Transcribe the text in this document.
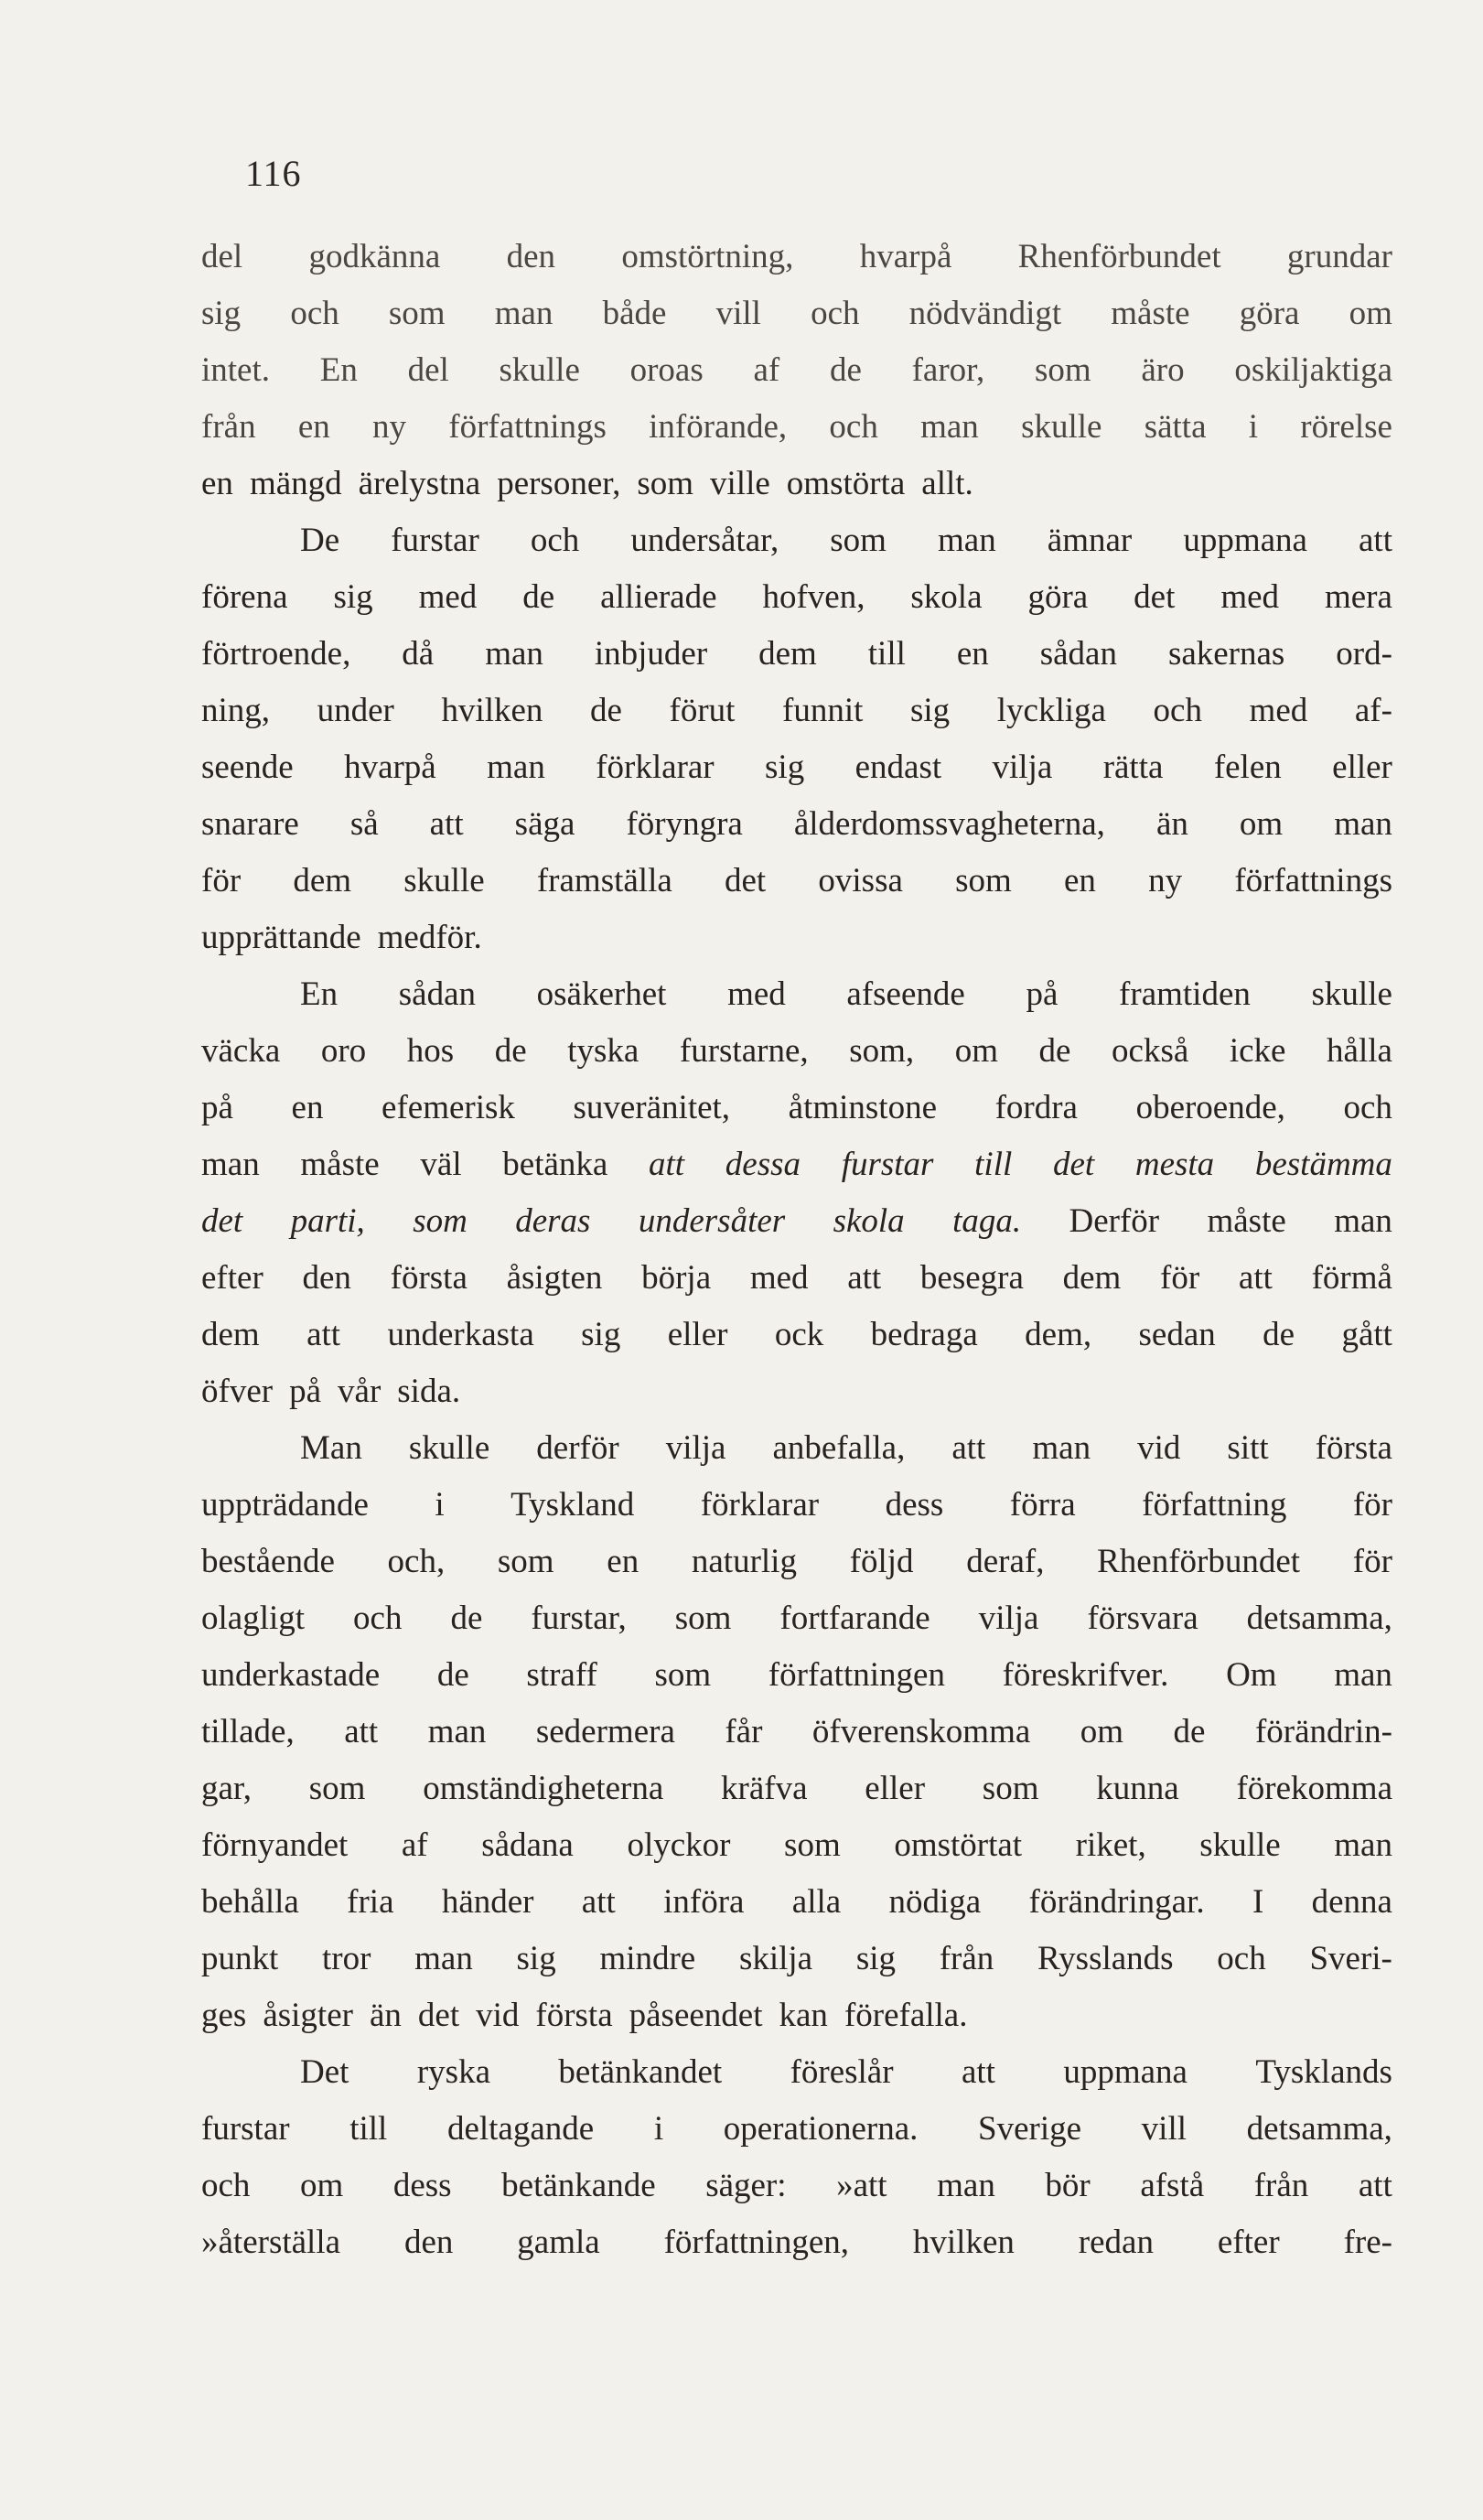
116
del godkänna den omstörtning, hvarpå Rhenförbundet grundar
sig och som man både vill och nödvändigt måste göra om
intet. En del skulle oroas af de faror, som äro oskiljaktiga
från en ny författnings införande, och man skulle sätta i rörelse
en mängd ärelystna personer, som ville omstörta allt.
De furstar och undersåtar, som man ämnar uppmana att
förena sig med de allierade hofven, skola göra det med mera
förtroende, då man inbjuder dem till en sådan sakernas ord-
ning, under hvilken de förut funnit sig lyckliga och med af-
seende hvarpå man förklarar sig endast vilja rätta felen eller
snarare så att säga föryngra ålderdomssvagheterna, än om man
för dem skulle framställa det ovissa som en ny författnings
upprättande medför.
En sådan osäkerhet med afseende på framtiden skulle
väcka oro hos de tyska furstarne, som, om de också icke hålla
på en efemerisk suveränitet, åtminstone fordra oberoende, och
man måste väl betänka att dessa furstar till det mesta bestämma
det parti, som deras undersåter skola taga. Derför måste man
efter den första åsigten börja med att besegra dem för att förmå
dem att underkasta sig eller ock bedraga dem, sedan de gått
öfver på vår sida.
Man skulle derför vilja anbefalla, att man vid sitt första
uppträdande i Tyskland förklarar dess förra författning för
bestående och, som en naturlig följd deraf, Rhenförbundet för
olagligt och de furstar, som fortfarande vilja försvara detsamma,
underkastade de straff som författningen föreskrifver. Om man
tillade, att man sedermera får öfverenskomma om de förändrin-
gar, som omständigheterna kräfva eller som kunna förekomma
förnyandet af sådana olyckor som omstörtat riket, skulle man
behålla fria händer att införa alla nödiga förändringar. I denna
punkt tror man sig mindre skilja sig från Rysslands och Sveri-
ges åsigter än det vid första påseendet kan förefalla.
Det ryska betänkandet föreslår att uppmana Tysklands
furstar till deltagande i operationerna. Sverige vill detsamma,
och om dess betänkande säger: »att man bör afstå från att
»återställa den gamla författningen, hvilken redan efter fre-
